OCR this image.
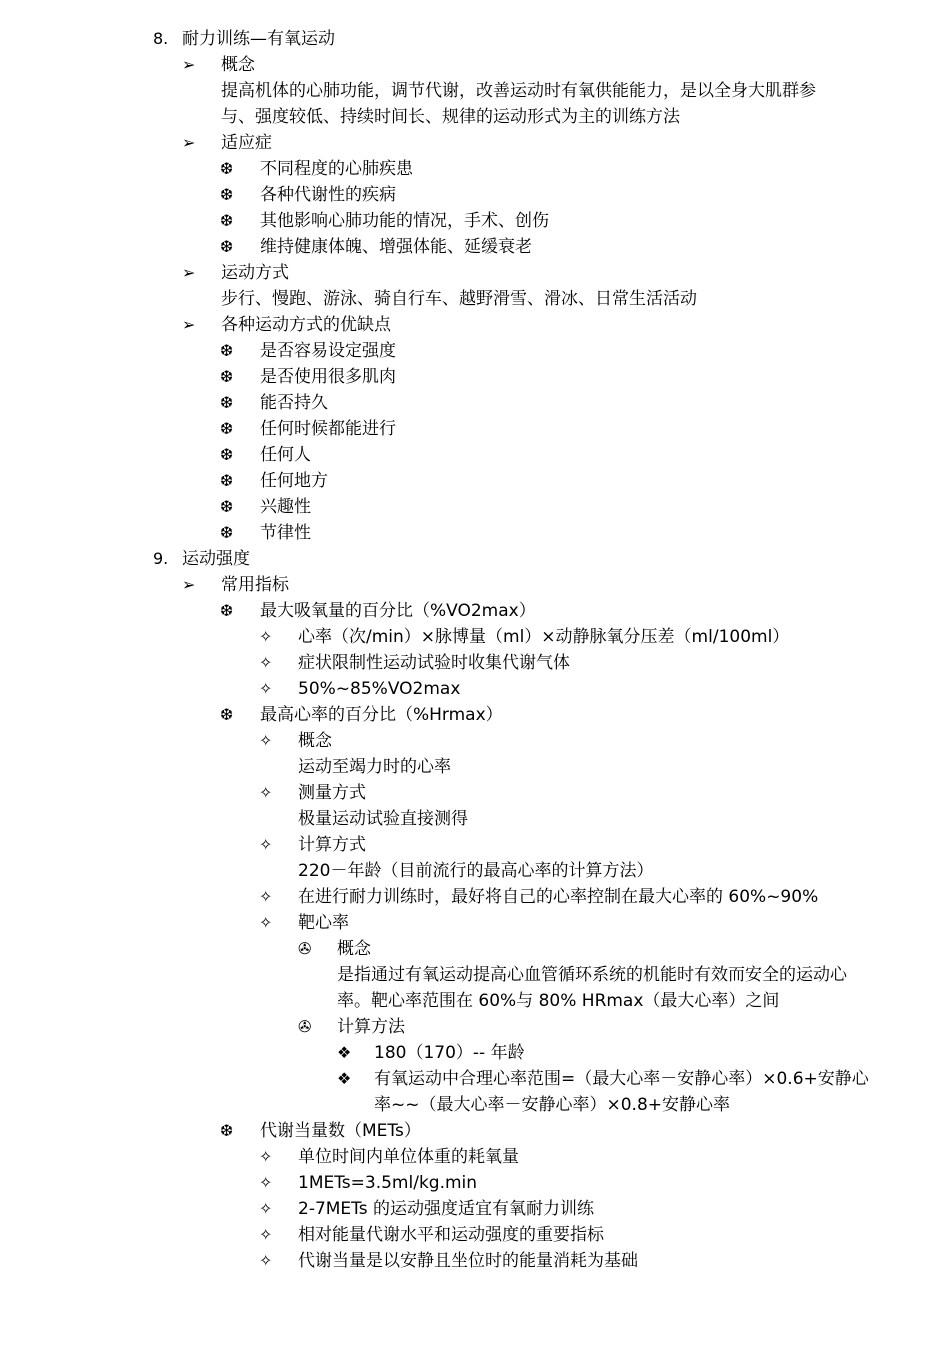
8. 耐力训练—有氧运动
➢ 概念
提高机体的心肺功能，调节代谢，改善运动时有氧供能能力，是以全身大肌群参
与、强度较低、持续时间长、规律的运动形式为主的训练方法
➢ 适应症
❆ 不同程度的心肺疾患
❆ 各种代谢性的疾病
❆ 其他影响心肺功能的情况，手术、创伤
❆ 维持健康体魄、增强体能、延缓衰老
➢ 运动方式
步行、慢跑、游泳、骑自行车、越野滑雪、滑冰、日常生活活动
➢ 各种运动方式的优缺点
❆ 是否容易设定强度
❆ 是否使用很多肌肉
❆ 能否持久
❆ 任何时候都能进行
❆ 任何人
❆ 任何地方
❆ 兴趣性
❆ 节律性
9. 运动强度
➢ 常用指标
❆ 最大吸氧量的百分比（%VO2max）
✧ 心率（次/min）×脉博量（ml）×动静脉氧分压差（ml/100ml）
✧ 症状限制性运动试验时收集代谢气体
✧ 50%~85%VO2max
❆ 最高心率的百分比（%Hrmax）
✧ 概念
运动至竭力时的心率
✧ 测量方式
极量运动试验直接测得
✧ 计算方式
220－年龄（目前流行的最高心率的计算方法）
✧ 在进行耐力训练时，最好将自己的心率控制在最大心率的 60%~90%
✧ 靶心率
✇ 概念
是指通过有氧运动提高心血管循环系统的机能时有效而安全的运动心
率。靶心率范围在 60%与 80% HRmax（最大心率）之间
✇ 计算方法
❖ 180（170）-- 年龄
❖ 有氧运动中合理心率范围=（最大心率－安静心率）×0.6+安静心
率~~（最大心率－安静心率）×0.8+安静心率
❆ 代谢当量数（METs）
✧ 单位时间内单位体重的耗氧量
✧ 1METs=3.5ml/kg.min
✧ 2-7METs 的运动强度适宜有氧耐力训练
✧ 相对能量代谢水平和运动强度的重要指标
✧ 代谢当量是以安静且坐位时的能量消耗为基础
